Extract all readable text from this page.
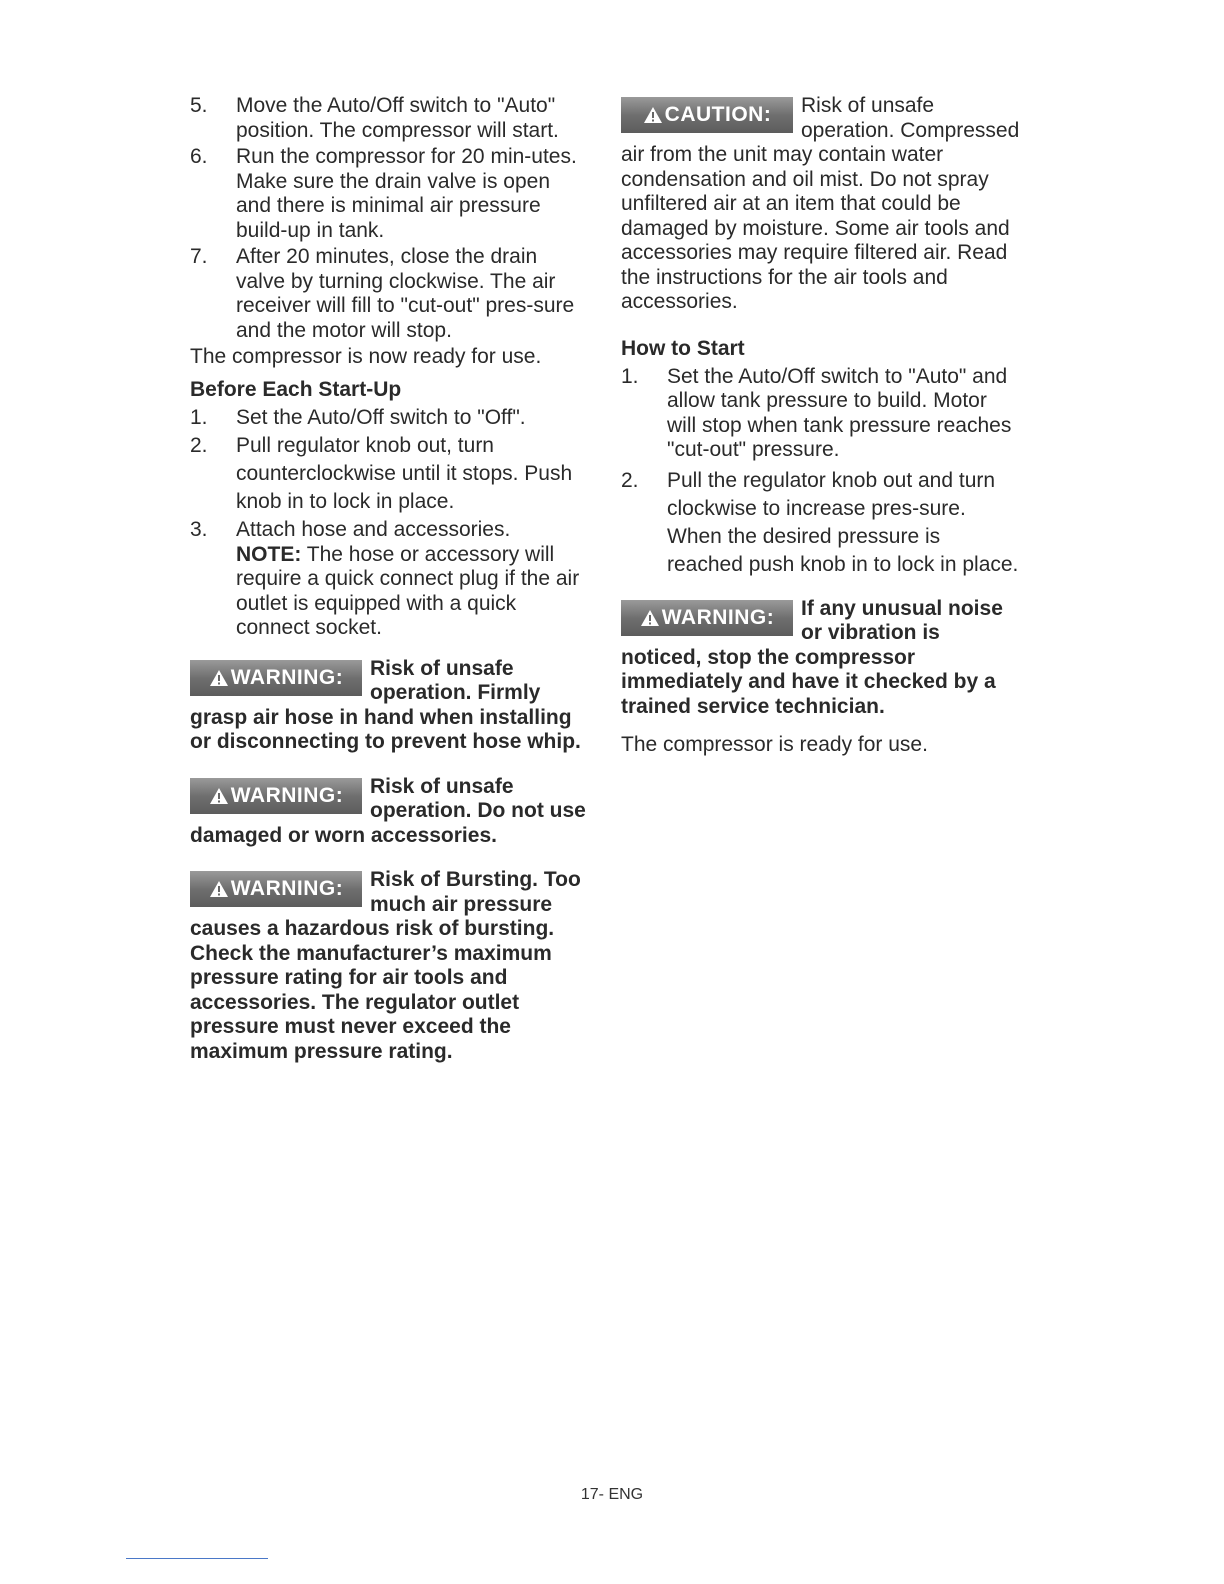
5. Move the Auto/Off switch to "Auto" position. The compressor will start.
6. Run the compressor for 20 min-utes. Make sure the drain valve is open and there is minimal air pressure build-up in tank.
7. After 20 minutes, close the drain valve by turning clockwise. The air receiver will fill to "cut-out" pres-sure and the motor will stop.

The compressor is now ready for use.

Before Each Start-Up

1. Set the Auto/Off switch to "Off".
2. Pull regulator knob out, turn counterclockwise until it stops. Push knob in to lock in place.
3. Attach hose and accessories.
NOTE: The hose or accessory will require a quick connect plug if the air outlet is equipped with a quick connect socket.
WARNING: Risk of unsafe operation. Firmly grasp air hose in hand when installing or disconnecting to prevent hose whip.
WARNING: Risk of unsafe operation. Do not use damaged or worn accessories.
WARNING: Risk of Bursting. Too much air pressure causes a hazardous risk of bursting. Check the manufacturer’s maximum pressure rating for air tools and accessories. The regulator outlet pressure must never exceed the maximum pressure rating.
CAUTION: Risk of unsafe operation. Compressed air from the unit may contain water condensation and oil mist. Do not spray unfiltered air at an item that could be damaged by moisture. Some air tools and accessories may require filtered air. Read the instructions for the air tools and accessories.

How to Start

1. Set the Auto/Off switch to "Auto" and allow tank pressure to build. Motor will stop when tank pressure reaches "cut-out" pressure.
2. Pull the regulator knob out and turn clockwise to increase pres-sure. When the desired pressure is reached push knob in to lock in place.
WARNING: If any unusual noise or vibration is noticed, stop the compressor immediately and have it checked by a trained service technician.

The compressor is ready for use.

17- ENG
